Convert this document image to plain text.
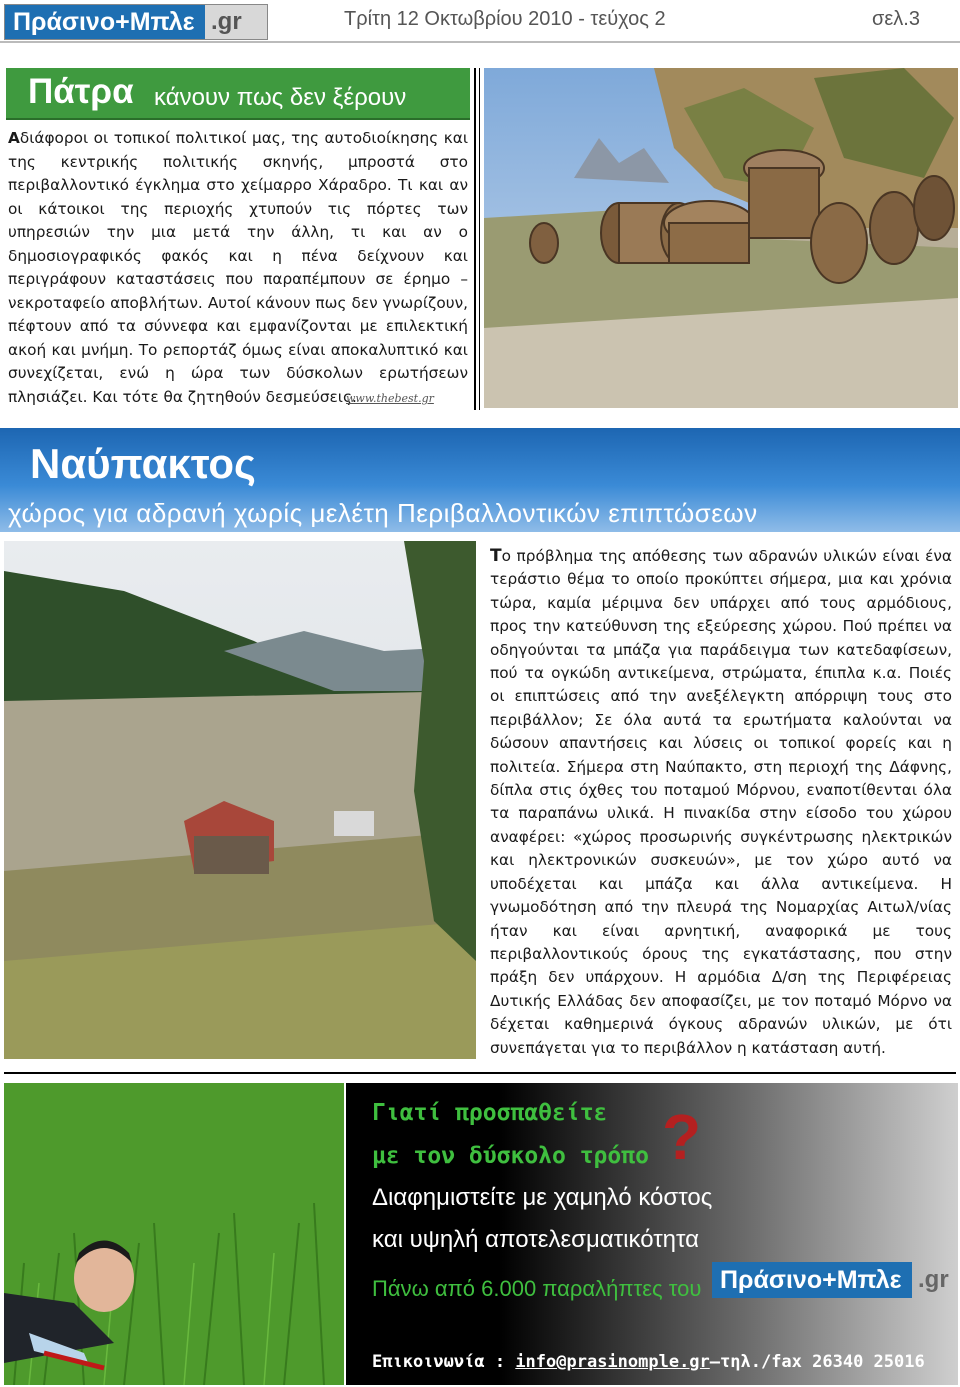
Πράσινο+Μπλε .gr	Τρίτη 12 Οκτωβρίου 2010 - τεύχος 2	σελ.3
Πάτρα κάνουν πως δεν ξέρουν
Αδιάφοροι οι τοπικοί πολιτικοί μας, της αυτοδιοίκησης και της κεντρικής πολιτικής σκηνής, μπροστά στο περιβαλλοντικό έγκλημα στο χείμαρρο Χάραδρο. Τι και αν οι κάτοικοι της περιοχής χτυπούν τις πόρτες των υπηρεσιών την μια μετά την άλλη, τι και αν ο δημοσιογραφικός φακός και η πένα δείχνουν και περιγράφουν καταστάσεις που παραπέμπουν σε έρημο – νεκροταφείο αποβλήτων. Αυτοί κάνουν πως δεν γνωρίζουν, πέφτουν από τα σύννεφα και εμφανίζονται με επιλεκτική ακοή και μνήμη. Το ρεπορτάζ όμως είναι αποκαλυπτικό και συνεχίζεται, ενώ η ώρα των δύσκολων ερωτήσεων πλησιάζει. Και τότε θα ζητηθούν δεσμεύσεις.
www.thebest.gr
Ναύπακτος
χώρος για αδρανή χωρίς μελέτη Περιβαλλοντικών επιπτώσεων
Το πρόβλημα της απόθεσης των αδρανών υλικών είναι ένα τεράστιο θέμα το οποίο προκύπτει σήμερα, μια και χρόνια τώρα, καμία μέριμνα δεν υπάρχει από τους αρμόδιους, προς την κατεύθυνση της εξεύρεσης χώρου. Πού πρέπει να οδηγούνται τα μπάζα για παράδειγμα των κατεδαφίσεων, πού τα ογκώδη αντικείμενα, στρώματα, έπιπλα κ.α. Ποιές οι επιπτώσεις από την ανεξέλεγκτη απόρριψη τους στο περιβάλλον; Σε όλα αυτά τα ερωτήματα καλούνται να δώσουν απαντήσεις και λύσεις οι τοπικοί φορείς και η πολιτεία. Σήμερα στη Ναύπακτο, στη περιοχή της Δάφνης, δίπλα στις όχθες του ποταμού Μόρνου, εναποτίθενται όλα τα παραπάνω υλικά. Η πινακίδα στην είσοδο του χώρου αναφέρει: «χώρος προσωρινής συγκέντρωσης ηλεκτρικών και ηλεκτρονικών συσκευών», με τον χώρο αυτό να υποδέχεται και μπάζα και άλλα αντικείμενα. Η γνωμοδότηση από την πλευρά της Νομαρχίας Αιτωλ/νίας ήταν και είναι αρνητική, αναφορικά με τους περιβαλλοντικούς όρους της εγκατάστασης, που στην πράξη δεν υπάρχουν. Η αρμόδια Δ/ση της Περιφέρειας Δυτικής Ελλάδας δεν αποφασίζει, με τον ποταμό Μόρνο να δέχεται καθημερινά όγκους αδρανών υλικών, με ότι συνεπάγεται για το περιβάλλον η κατάσταση αυτή.
Γιατί προσπαθείτε
με τον δύσκολο τρόπο ?
Διαφημιστείτε με χαμηλό κόστος
και υψηλή αποτελεσματικότητα
Πάνω από 6.000 παραλήπτες του Πράσινο+Μπλε .gr
Επικοινωνία : info@prasinomple.gr—τηλ./fax 26340 25016
